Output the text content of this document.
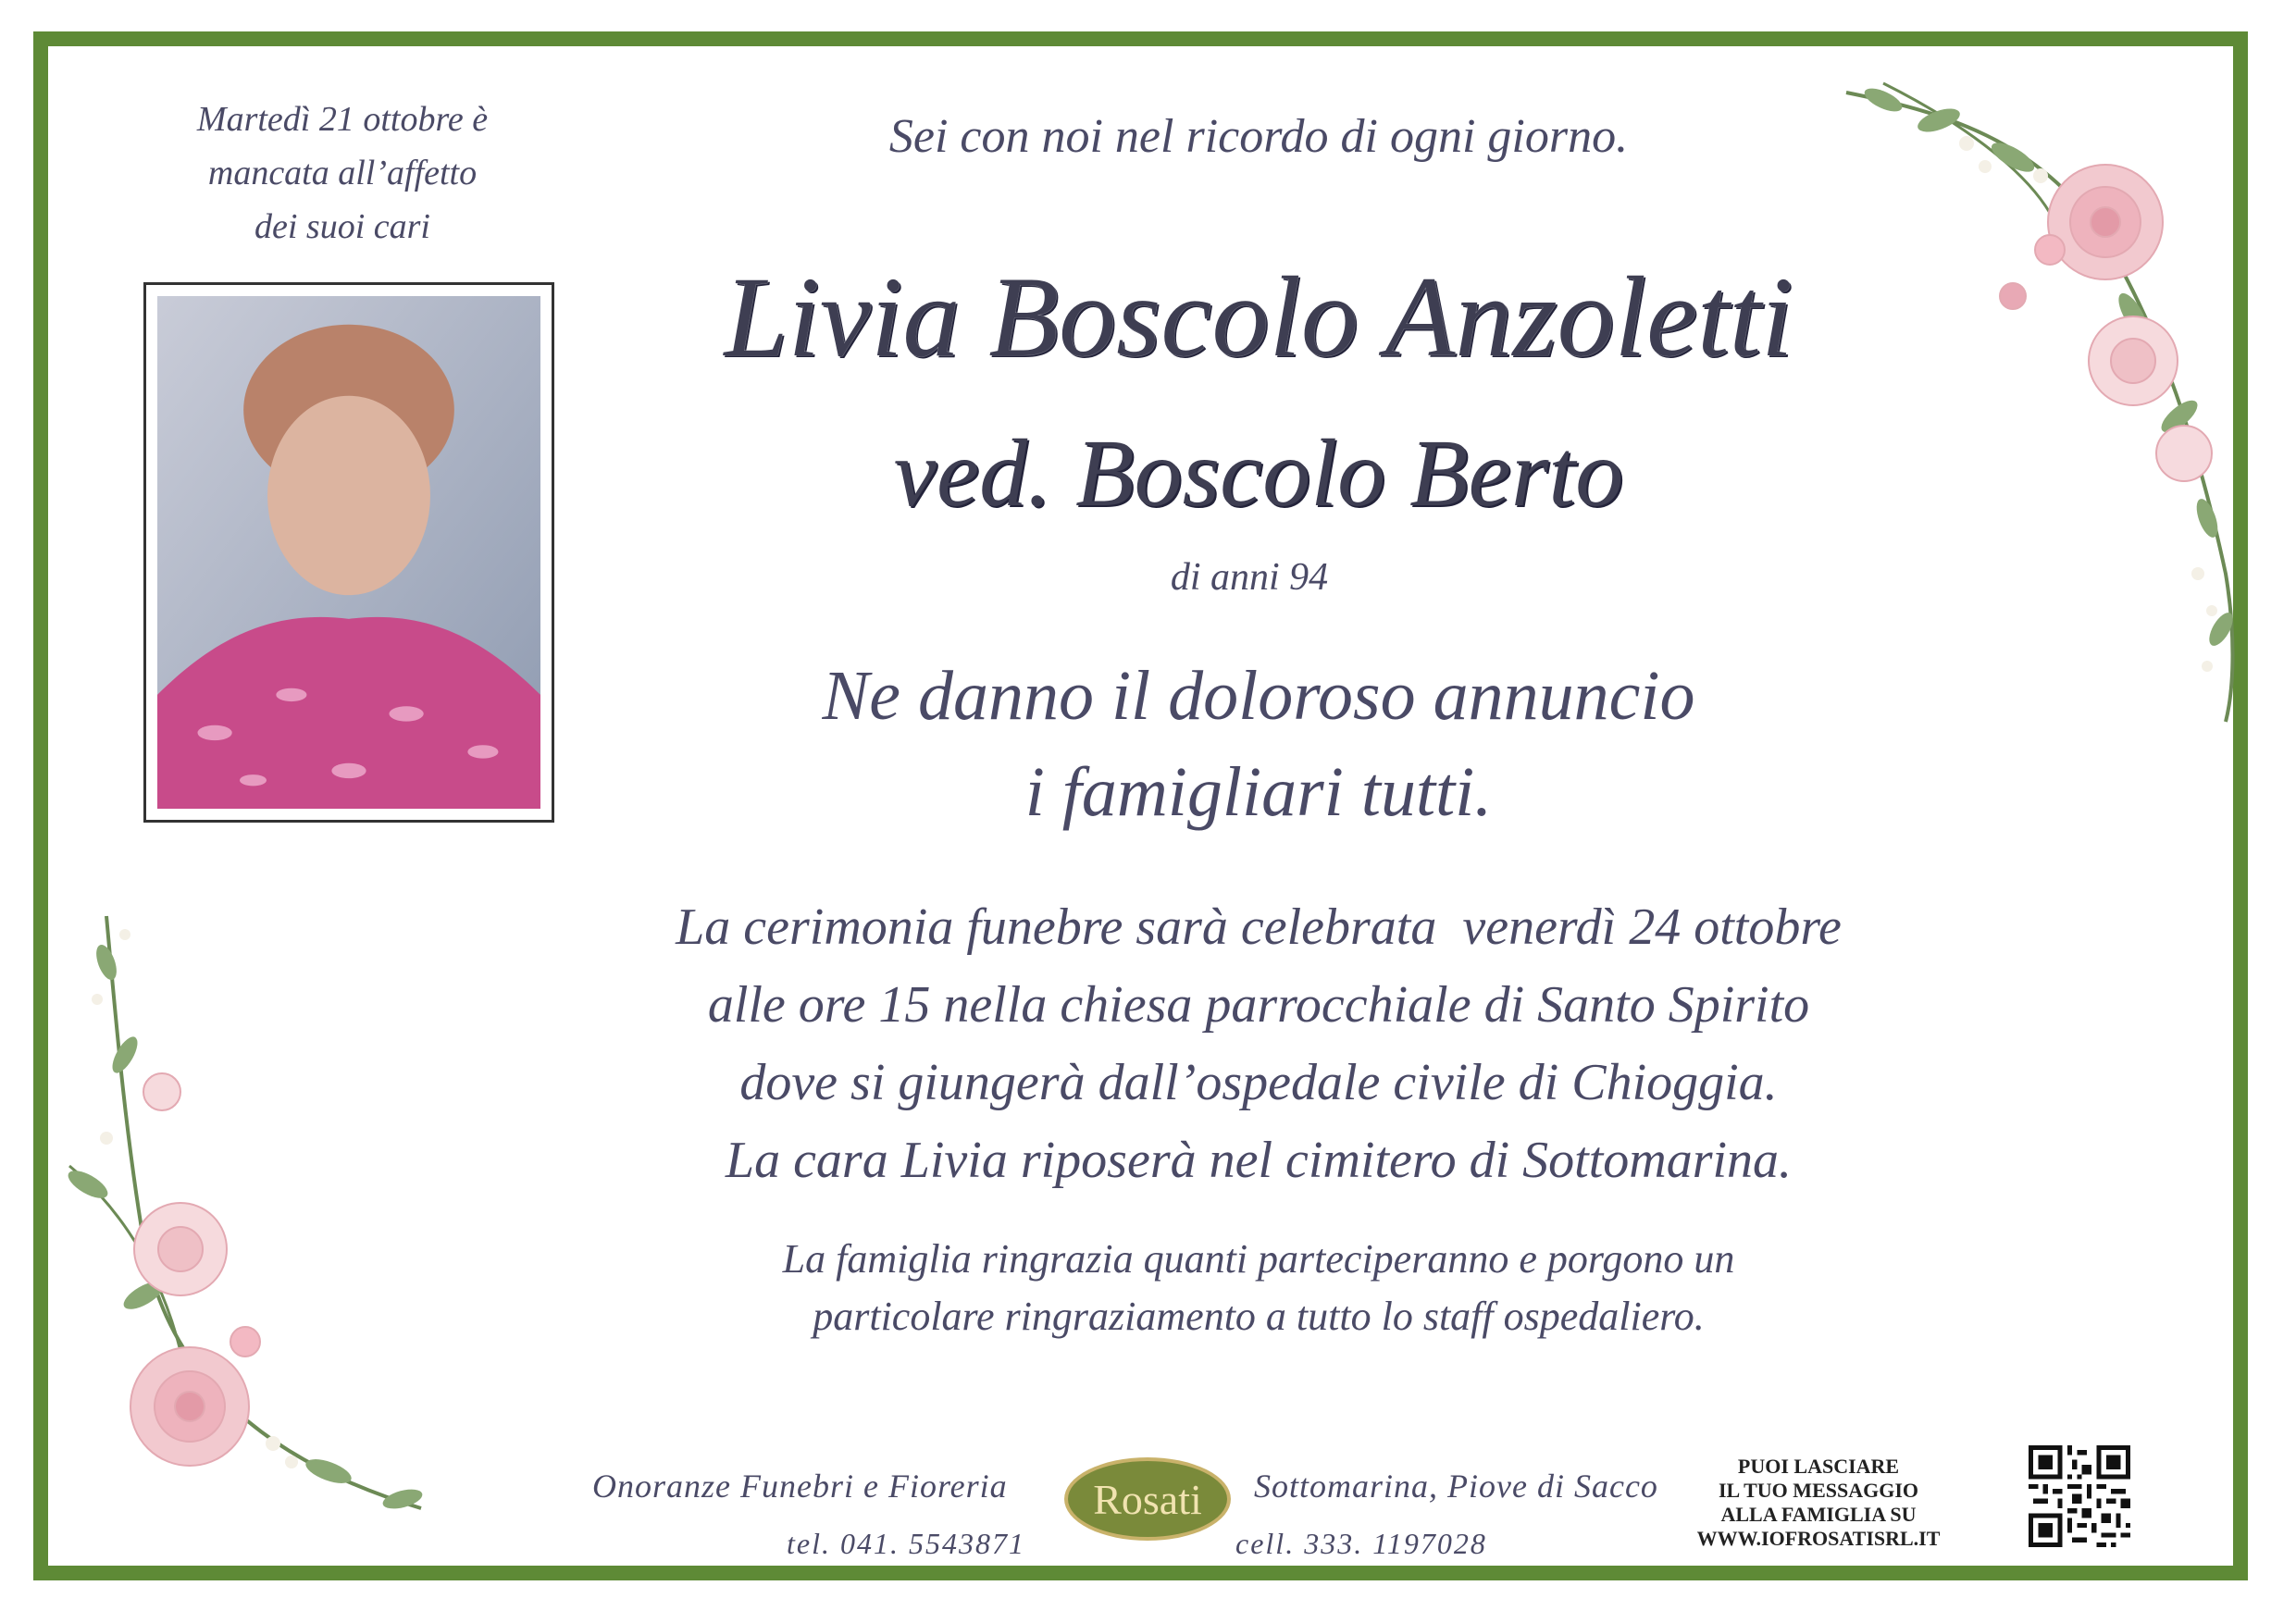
Martedì 21 ottobre è
mancata all’affetto
dei suoi cari
Sei con noi nel ricordo di ogni giorno.
Livia Boscolo Anzoletti
ved. Boscolo Berto
di anni 94
Ne danno il doloroso annuncio
i famigliari tutti.
La cerimonia funebre sarà celebrata  venerdì 24 ottobre
alle ore 15 nella chiesa parrocchiale di Santo Spirito
dove si giungerà dall’ospedale civile di Chioggia.
La cara Livia riposerà nel cimitero di Sottomarina.
La famiglia ringrazia quanti parteciperanno e porgono un
particolare ringraziamento a tutto lo staff ospedaliero.
Onoranze Funebri e Fioreria
tel. 041. 5543871
Rosati Sottomarina, Piove di Sacco
cell. 333. 1197028
PUOI LASCIARE
IL TUO MESSAGGIO
ALLA FAMIGLIA SU
WWW.IOFROSATISRL.IT
